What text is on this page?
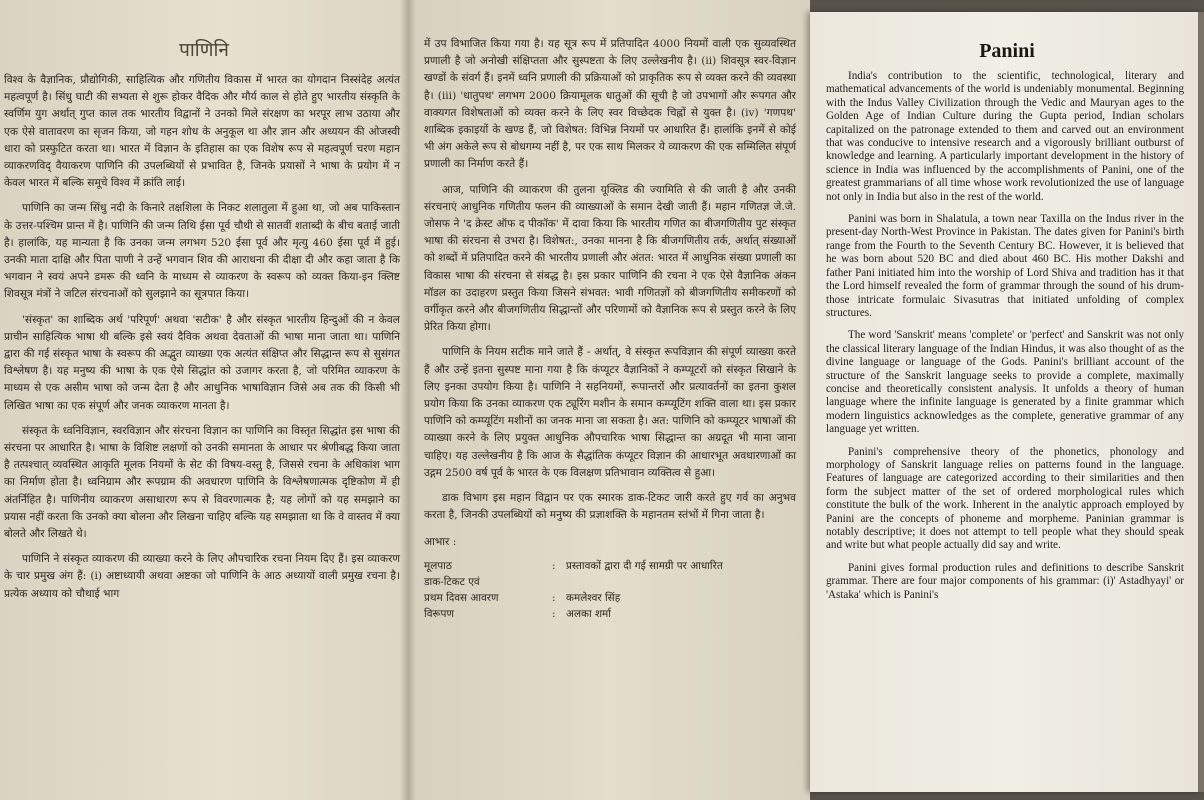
पाणिनि

विश्व के वैज्ञानिक, प्रौद्योगिकी, साहित्यिक और गणितीय विकास में भारत का योगदान निस्संदेह अत्यंत महत्वपूर्ण है। सिंधु घाटी की सभ्यता से शुरू होकर वैदिक और मौर्य काल से होते हुए भारतीय संस्कृति के स्वर्णिम युग अर्थात् गुप्त काल तक भारतीय विद्वानों ने उनको मिले संरक्षण का भरपूर लाभ उठाया और एक ऐसे वातावरण का सृजन किया, जो गहन शोध के अनुकूल था और ज्ञान और अध्ययन की ओजस्वी धारा को प्रस्फुटित करता था। भारत में विज्ञान के इतिहास का एक विशेष रूप से महत्वपूर्ण चरण महान व्याकरणविद् वैयाकरण पाणिनि की उपलब्धियों से प्रभावित है, जिनके प्रयासों ने भाषा के प्रयोग में न केवल भारत में बल्कि समूचे विश्व में क्रांति लाई।

पाणिनि का जन्म सिंधु नदी के किनारे तक्षशिला के निकट शलातुला में हुआ था, जो अब पाकिस्तान के उत्तर-पश्चिम प्रान्त में है। पाणिनि की जन्म तिथि ईसा पूर्व चौथी से सातवीं शताब्दी के बीच बताई जाती है। हालांकि, यह मान्यता है कि उनका जन्म लगभग 520 ईसा पूर्व और मृत्यु 460 ईसा पूर्व में हुई। उनकी माता दाक्षि और पिता पाणी ने उन्हें भगवान शिव की आराधना की दीक्षा दी और कहा जाता है कि भगवान ने स्वयं अपने डमरू की ध्वनि के माध्यम से व्याकरण के स्वरूप को व्यक्त किया-इन क्लिष्ट शिवसूत्र मंत्रों ने जटिल संरचनाओं को सुलझाने का सूत्रपात किया।

'संस्कृत' का शाब्दिक अर्थ 'परिपूर्ण' अथवा 'सटीक' है और संस्कृत भारतीय हिन्दुओं की न केवल प्राचीन साहित्यिक भाषा थी बल्कि इसे स्वयं दैविक अथवा देवताओं की भाषा माना जाता था। पाणिनि द्वारा की गई संस्कृत भाषा के स्वरूप की अद्भुत व्याख्या एक अत्यंत संक्षिप्त और सिद्धान्त रूप से सुसंगत विश्लेषण है। यह मनुष्य की भाषा के एक ऐसे सिद्धांत को उजागर करता है, जो परिमित व्याकरण के माध्यम से एक असीम भाषा को जन्म देता है और आधुनिक भाषाविज्ञान जिसे अब तक की किसी भी लिखित भाषा का एक संपूर्ण और जनक व्याकरण मानता है।

संस्कृत के ध्वनिविज्ञान, स्वरविज्ञान और संरचना विज्ञान का पाणिनि का विस्तृत सिद्धांत इस भाषा की संरचना पर आधारित है। भाषा के विशिष्ट लक्षणों को उनकी समानता के आधार पर श्रेणीबद्ध किया जाता है तत्पश्चात् व्यवस्थित आकृति मूलक नियमों के सेट की विषय-वस्तु है, जिससे रचना के अधिकांश भाग का निर्माण होता है। ध्वनिग्राम और रूपग्राम की अवधारण पाणिनि के विश्लेषणात्मक दृष्टिकोण में ही अंतर्निहित है। पाणिनीय व्याकरण असाधारण रूप से विवरणात्मक है; यह लोगों को यह समझाने का प्रयास नहीं करता कि उनको क्या बोलना और लिखना चाहिए बल्कि यह समझाता था कि वे वास्तव में क्या बोलते और लिखते थे।

पाणिनि ने संस्कृत व्याकरण की व्याख्या करने के लिए औपचारिक रचना नियम दिए हैं। इस व्याकरण के चार प्रमुख अंग हैं: (i) अष्टाध्यायी अथवा अष्टका जो पाणिनि के आठ अध्यायों वाली प्रमुख रचना है। प्रत्येक अध्याय को चौथाई भाग

में उप विभाजित किया गया है। यह सूत्र रूप में प्रतिपादित 4000 नियमों वाली एक सुव्यवस्थित प्रणाली है जो अनोखी संक्षिप्तता और सुस्पष्टता के लिए उल्लेखनीय है। (ii) शिवसूत्र स्वर-विज्ञान खण्डों के संवर्ग हैं। इनमें ध्वनि प्रणाली की प्रक्रियाओं को प्राकृतिक रूप से व्यक्त करने की व्यवस्था है। (iii) 'धातुपथ' लगभग 2000 क्रियामूलक धातुओं की सूची है जो उपभागों और रूपगत और वाक्यगत विशेषताओं को व्यक्त करने के लिए स्वर विच्छेदक चिह्नों से युक्त है। (iv) 'गणपथ' शाब्दिक इकाइयों के खण्ड हैं, जो विशेषत: विभिन्न नियमों पर आधारित हैं। हालांकि इनमें से कोई भी अंग अकेले रूप से बोधगम्य नहीं है, पर एक साथ मिलकर ये व्याकरण की एक सम्मिलित संपूर्ण प्रणाली का निर्माण करते हैं।

आज, पाणिनि की व्याकरण की तुलना यूक्लिड की ज्यामिति से की जाती है और उनकी संरचनाएं आधुनिक गणितीय फलन की व्याख्याओं के समान देखी जाती हैं। महान गणितज्ञ जे.जे. जोसफ ने 'द क्रेस्ट ऑफ द पीकॉक' में दावा किया कि भारतीय गणित का बीजगणितीय पुट संस्कृत भाषा की संरचना से उभरा है। विशेषत:, उनका मानना है कि बीजगणितीय तर्क, अर्थात् संख्याओं को शब्दों में प्रतिपादित करने की भारतीय प्रणाली और अंतत: भारत में आधुनिक संख्या प्रणाली का विकास भाषा की संरचना से संबद्ध है। इस प्रकार पाणिनि की रचना ने एक ऐसे वैज्ञानिक अंकन मॉडल का उदाहरण प्रस्तुत किया जिसने संभवत: भावी गणितज्ञों को बीजगणितीय समीकरणों को वर्गीकृत करने और बीजगणितीय सिद्धान्तों और परिणामों को वैज्ञानिक रूप से प्रस्तुत करने के लिए प्रेरित किया होगा।

पाणिनि के नियम सटीक माने जाते हैं - अर्थात्, वे संस्कृत रूपविज्ञान की संपूर्ण व्याख्या करते हैं और उन्हें इतना सुस्पष्ट माना गया है कि कंप्यूटर वैज्ञानिकों ने कम्प्यूटरों को संस्कृत सिखाने के लिए इनका उपयोग किया है। पाणिनि ने सहनियमों, रूपान्तरों और प्रत्यावर्तनों का इतना कुशल प्रयोग किया कि उनका व्याकरण एक ट्यूरिंग मशीन के समान कम्प्यूटिंग शक्ति वाला था। इस प्रकार पाणिनि को कम्प्यूटिंग मशीनों का जनक माना जा सकता है। अत: पाणिनि को कम्प्यूटर भाषाओं की व्याख्या करने के लिए प्रयुक्त आधुनिक औपचारिक भाषा सिद्धान्त का अग्रदूत भी माना जाना चाहिए। यह उल्लेखनीय है कि आज के सैद्धांतिक कंप्यूटर विज्ञान की आधारभूत अवधारणाओं का उद्गम 2500 वर्ष पूर्व के भारत के एक विलक्षण प्रतिभावान व्यक्तित्व से हुआ।

डाक विभाग इस महान विद्वान पर एक स्मारक डाक-टिकट जारी करते हुए गर्व का अनुभव करता है, जिनकी उपलब्धियों को मनुष्य की प्रज्ञाशक्ति के महानतम स्तंभों में गिना जाता है।

आभार :
मूलपाठ	:	प्रस्तावकों द्वारा दी गई सामग्री पर आधारित
डाक-टिकट एवं
प्रथम दिवस आवरण	:	कमलेश्वर सिंह
विरूपण	:	अलका शर्मा
Panini

India's contribution to the scientific, technological, literary and mathematical advancements of the world is undeniably monumental. Beginning with the Indus Valley Civilization through the Vedic and Mauryan ages to the Golden Age of Indian Culture during the Gupta period, Indian scholars capitalized on the patronage extended to them and carved out an environment that was conducive to intensive research and a vigorously brilliant outburst of knowledge and learning. A particularly important development in the history of science in India was influenced by the accomplishments of Panini, one of the greatest grammarians of all time whose work revolutionized the use of language not only in India but also in the rest of the world.

Panini was born in Shalatula, a town near Taxilla on the Indus river in the present-day North-West Province in Pakistan. The dates given for Panini's birth range from the Fourth to the Seventh Century BC. However, it is believed that he was born about 520 BC and died about 460 BC. His mother Dakshi and father Pani initiated him into the worship of Lord Shiva and tradition has it that the Lord himself revealed the form of grammar through the sound of his drum-those intricate formulaic Sivasutras that initiated unfolding of complex structures.

The word 'Sanskrit' means 'complete' or 'perfect' and Sanskrit was not only the classical literary language of the Indian Hindus, it was also thought of as the divine language or language of the Gods. Panini's brilliant account of the structure of the Sanskrit language seeks to provide a complete, maximally concise and theoretically consistent analysis. It unfolds a theory of human language where the infinite language is generated by a finite grammar which modern linguistics acknowledges as the complete, generative grammar of any language yet written.

Panini's comprehensive theory of the phonetics, phonology and morphology of Sanskrit language relies on patterns found in the language. Features of language are categorized according to their similarities and then form the subject matter of the set of ordered morphological rules which constitute the bulk of the work. Inherent in the analytic approach employed by Panini are the concepts of phoneme and morpheme. Paninian grammar is notably descriptive; it does not attempt to tell people what they should speak and write but what people actually did say and write.

Panini gives formal production rules and definitions to describe Sanskrit grammar. There are four major components of his grammar: (i)' Astadhyayi' or 'Astaka' which is Panini's
